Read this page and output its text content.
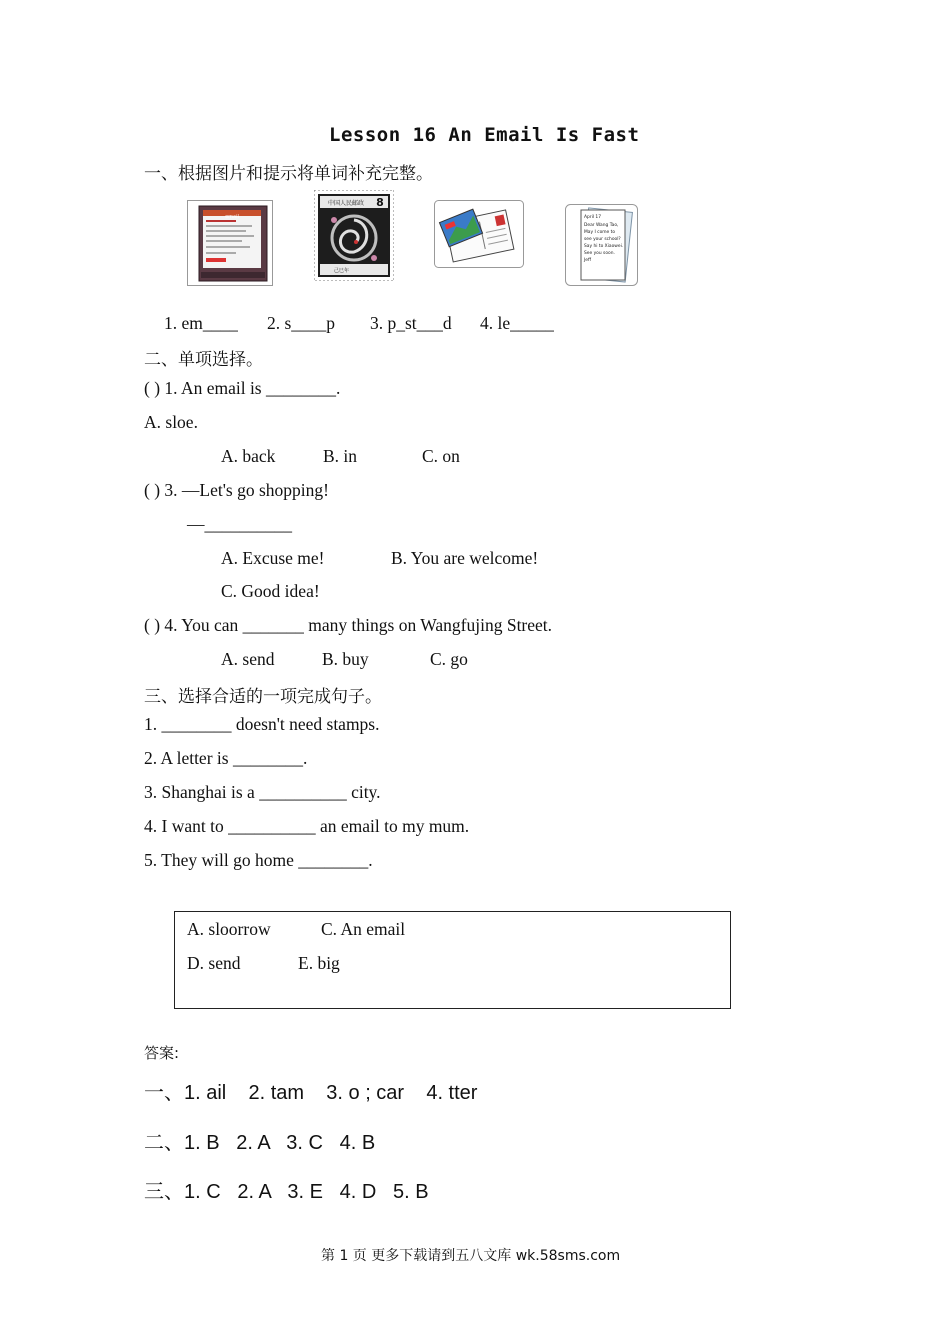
Lesson 16 An Email Is Fast
一、根据图片和提示将单词补充完整。
email
中国人民邮政 8
己巳年
April 17
Dear Wang Tao,
May I come to
see your school?
Say hi to Xiaowei.
See you soon.
Jeff
1. em____ 2. s____p 3. p_st___d 4. le_____
二、单项选择。
( ) 1. An email is ________.
A. sloe.
A. back	B. in	C. on
( ) 3. —Let's go shopping!
—__________
A. Excuse me!	B. You are welcome!
C. Good idea!
( ) 4. You can _______ many things on Wangfujing Street.
A. send	B. buy	C. go
三、选择合适的一项完成句子。
1. ________ doesn't need stamps.
2. A letter is ________.
3. Shanghai is a __________ city.
4. I want to __________ an email to my mum.
5. They will go home ________.
A. sloorrow	C. An email
D. send	E. big
答案:
一、1. ail    2. tam    3. o ; car    4. tter
二、1. B   2. A   3. C   4. B
三、1. C   2. A   3. E   4. D   5. B
第 1 页 更多下载请到五八文库 wk.58sms.com
